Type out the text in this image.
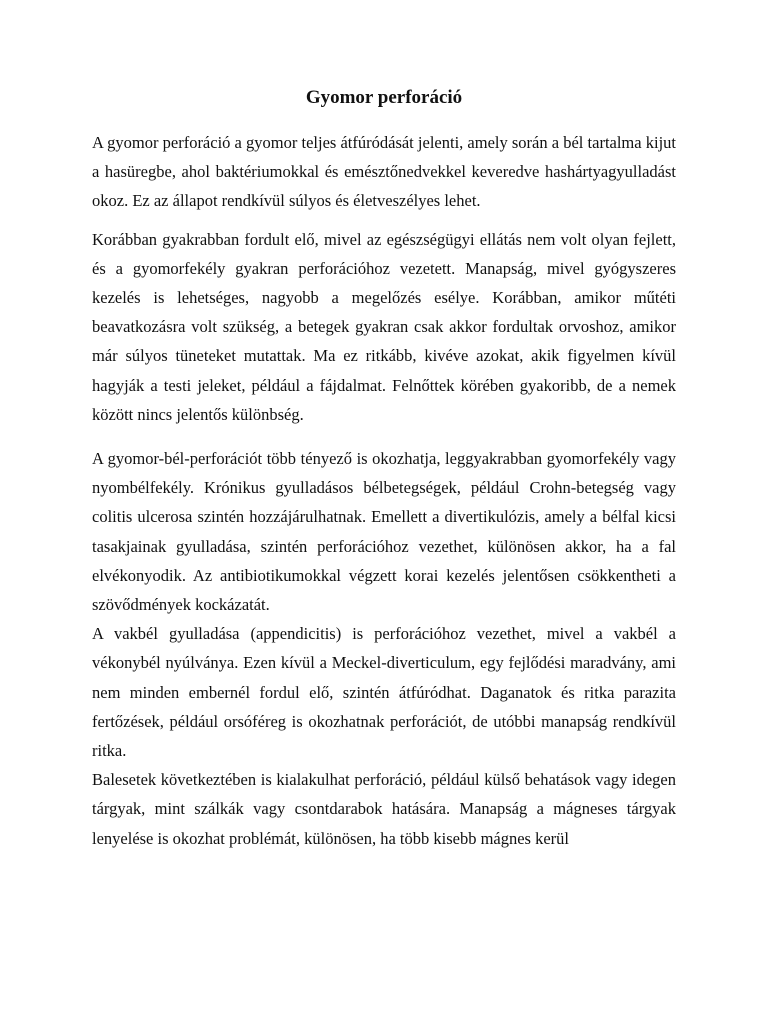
Gyomor perforáció

A gyomor perforáció a gyomor teljes átfúródását jelenti, amely során a bél tartalma kijut a hasüregbe, ahol baktériumokkal és emésztőnedvekkel keveredve hashártyagyulladást okoz. Ez az állapot rendkívül súlyos és életveszélyes lehet.

Korábban gyakrabban fordult elő, mivel az egészségügyi ellátás nem volt olyan fejlett, és a gyomorfekély gyakran perforációhoz vezetett. Manapság, mivel gyógyszeres kezelés is lehetséges, nagyobb a megelőzés esélye. Korábban, amikor műtéti beavatkozásra volt szükség, a betegek gyakran csak akkor fordultak orvoshoz, amikor már súlyos tüneteket mutattak. Ma ez ritkább, kivéve azokat, akik figyelmen kívül hagyják a testi jeleket, például a fájdalmat. Felnőttek körében gyakoribb, de a nemek között nincs jelentős különbség.

A gyomor-bél-perforációt több tényező is okozhatja, leggyakrabban gyomorfekély vagy nyombélfekély. Krónikus gyulladásos bélbetegségek, például Crohn-betegség vagy colitis ulcerosa szintén hozzájárulhatnak. Emellett a divertikulózis, amely a bélfal kicsi tasakjainak gyulladása, szintén perforációhoz vezethet, különösen akkor, ha a fal elvékonyodik. Az antibiotikumokkal végzett korai kezelés jelentősen csökkentheti a szövődmények kockázatát.

A vakbél gyulladása (appendicitis) is perforációhoz vezethet, mivel a vakbél a vékonybél nyúlványa. Ezen kívül a Meckel-diverticulum, egy fejlődési maradvány, ami nem minden embernél fordul elő, szintén átfúródhat. Daganatok és ritka parazita fertőzések, például orsóféreg is okozhatnak perforációt, de utóbbi manapság rendkívül ritka.

Balesetek következtében is kialakulhat perforáció, például külső behatások vagy idegen tárgyak, mint szálkák vagy csontdarabok hatására. Manapság a mágneses tárgyak lenyelése is okozhat problémát, különösen, ha több kisebb mágnes kerül
